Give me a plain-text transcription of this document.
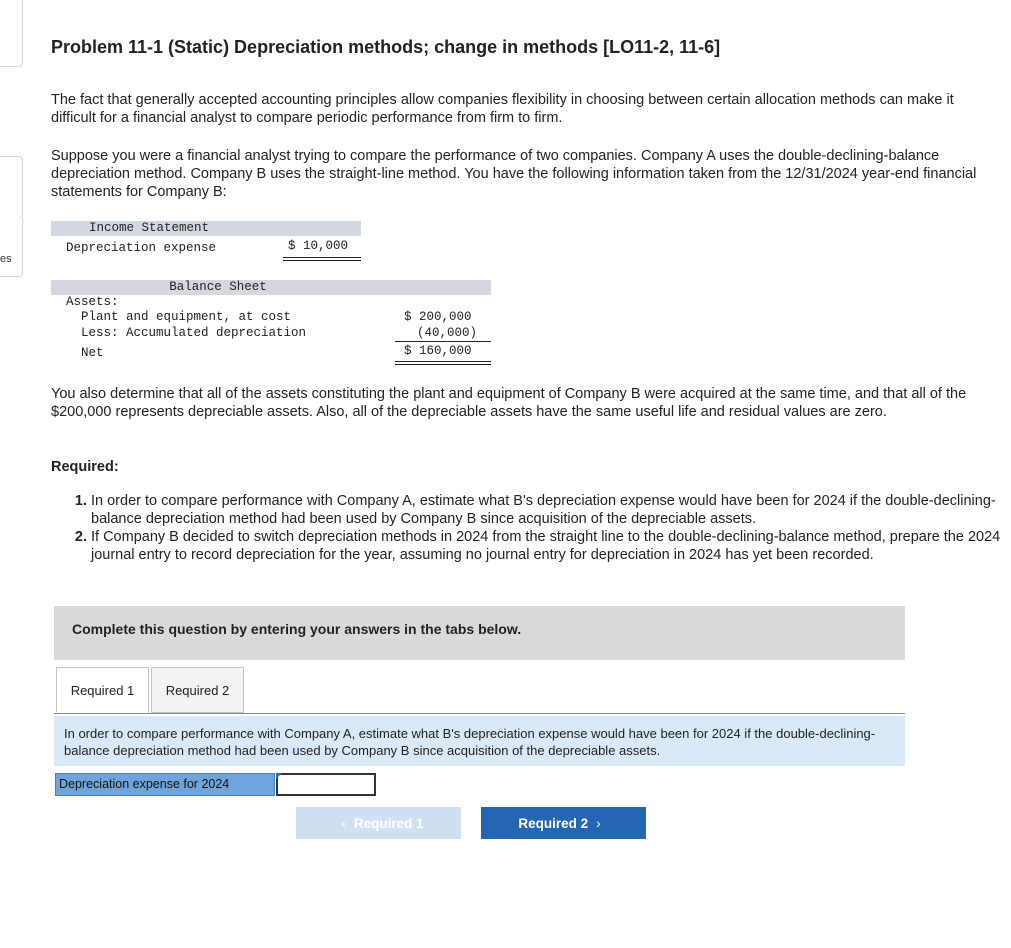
es
Problem 11-1 (Static) Depreciation methods; change in methods [LO11-2, 11-6]

The fact that generally accepted accounting principles allow companies flexibility in choosing between certain allocation methods can make it difficult for a financial analyst to compare periodic performance from firm to firm.

Suppose you were a financial analyst trying to compare the performance of two companies. Company A uses the double-declining-balance depreciation method. Company B uses the straight-line method. You have the following information taken from the 12/31/2024 year-end financial statements for Company B:

Income Statement
Depreciation expense	$ 10,000
Balance Sheet
Assets:
Plant and equipment, at cost	$ 200,000
Less: Accumulated depreciation	(40,000)
Net	$ 160,000

You also determine that all of the assets constituting the plant and equipment of Company B were acquired at the same time, and that all of the $200,000 represents depreciable assets. Also, all of the depreciable assets have the same useful life and residual values are zero.

Required:
1. In order to compare performance with Company A, estimate what B's depreciation expense would have been for 2024 if the double-declining-balance depreciation method had been used by Company B since acquisition of the depreciable assets.
2. If Company B decided to switch depreciation methods in 2024 from the straight line to the double-declining-balance method, prepare the 2024 journal entry to record depreciation for the year, assuming no journal entry for depreciation in 2024 has yet been recorded.
Complete this question by entering your answers in the tabs below.
Required 1	Required 2
In order to compare performance with Company A, estimate what B's depreciation expense would have been for 2024 if the double-declining-balance depreciation method had been used by Company B since acquisition of the depreciable assets.
Depreciation expense for 2024
‹ Required 1	Required 2 ›
